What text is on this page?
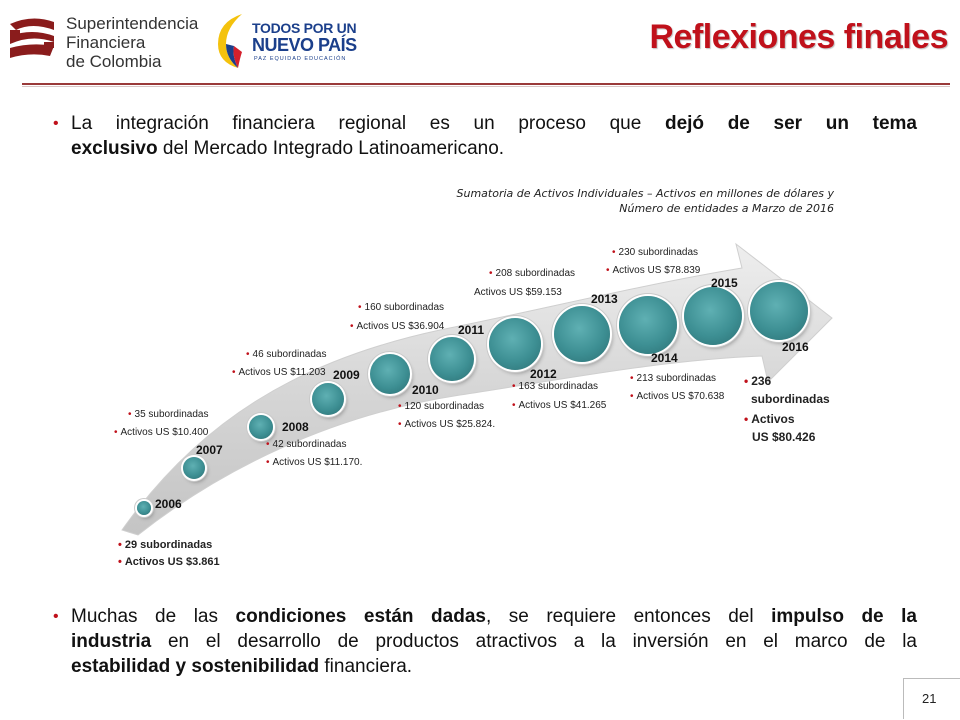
Superintendencia
Financiera
de Colombia
TODOS POR UN
NUEVO PAÍS
PAZ EQUIDAD EDUCACIÓN
Reflexiones finales
• La integración financiera regional es un proceso que dejó de ser un tema
exclusivo del Mercado Integrado Latinoamericano.
Sumatoria de Activos Individuales – Activos en millones de dólares y
Número de entidades a Marzo de 2016
2006
2007
2008
2009
2010
2011
2012
2013
2014
2015
2016
• 29 subordinadas
• Activos US $3.861
• 35 subordinadas
• Activos US $10.400
• 42 subordinadas
• Activos US $11.170.
• 46 subordinadas
• Activos US $11.203
• 120 subordinadas
• Activos US $25.824.
• 160 subordinadas
• Activos US $36.904
• 163 subordinadas
• Activos US $41.265
• 208 subordinadas
Activos US $59.153
• 213 subordinadas
• Activos US $70.638
• 230 subordinadas
• Activos US $78.839
• 236
subordinadas
• Activos
US $80.426
• Muchas de las condiciones están dadas, se requiere entonces del impulso de la
industria en el desarrollo de productos atractivos a la inversión en el marco de la
estabilidad y sostenibilidad financiera.
21
